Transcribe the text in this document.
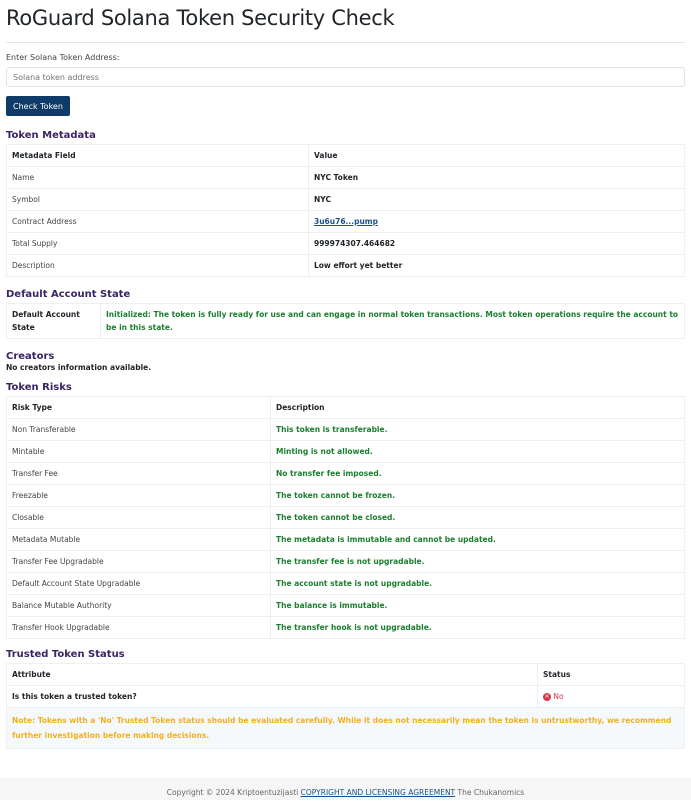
RoGuard Solana Token Security Check
Enter Solana Token Address:
Solana token address Check Token
Token Metadata
Metadata Field	Value
Name	NYC Token
Symbol	NYC
Contract Address	3u6u76...pump
Total Supply	999974307.464682
Description	Low effort yet better
Default Account State
Default Account State	Initialized: The token is fully ready for use and can engage in normal token transactions. Most token operations require the account to be in this state.
Creators
No creators information available.
Token Risks
Risk Type	Description
Non Transferable	This token is transferable.
Mintable	Minting is not allowed.
Transfer Fee	No transfer fee imposed.
Freezable	The token cannot be frozen.
Closable	The token cannot be closed.
Metadata Mutable	The metadata is immutable and cannot be updated.
Transfer Fee Upgradable	The transfer fee is not upgradable.
Default Account State Upgradable	The account state is not upgradable.
Balance Mutable Authority	The balance is immutable.
Transfer Hook Upgradable	The transfer hook is not upgradable.
Trusted Token Status
Attribute	Status
Is this token a trusted token?	✕ No
Note: Tokens with a 'No' Trusted Token status should be evaluated carefully. While it does not necessarily mean the token is untrustworthy, we recommend further investigation before making decisions.	
Copyright © 2024 Kriptoentuzijasti COPYRIGHT AND LICENSING AGREEMENT The Chukanomics
